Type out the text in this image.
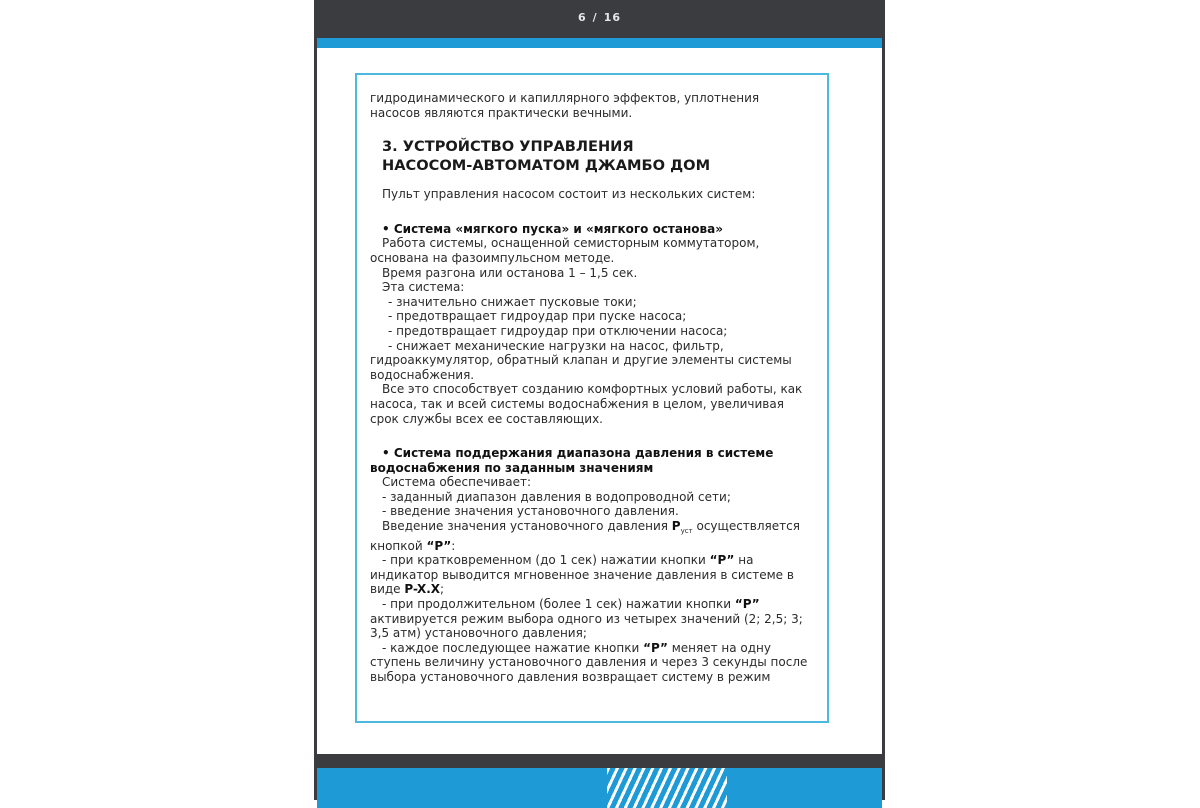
6 / 16

гидродинамического и капиллярного эффектов, уплотнения

насосов являются практически вечными.

3. УСТРОЙСТВО УПРАВЛЕНИЯ

НАСОСОМ-АВТОМАТОМ ДЖАМБО ДОМ

Пульт управления насосом состоит из нескольких систем:

• Система «мягкого пуска» и «мягкого останова»

Работа системы, оснащенной семисторным коммутатором,

основана на фазоимпульсном методе.

Время разгона или останова 1 – 1,5 сек.

Эта система:

- значительно снижает пусковые токи;

- предотвращает гидроудар при пуске насоса;

- предотвращает гидроудар при отключении насоса;

- снижает механические нагрузки на насос, фильтр,

гидроаккумулятор, обратный клапан и другие элементы системы

водоснабжения.

Все это способствует созданию комфортных условий работы, как

насоса, так и всей системы водоснабжения в целом, увеличивая

срок службы всех ее составляющих.

• Система поддержания диапазона давления в системе

водоснабжения по заданным значениям

Система обеспечивает:

- заданный диапазон давления в водопроводной сети;

- введение значения установочного давления.

Введение значения установочного давления $P_{уст}$ осуществляется

кнопкой “P”:

- при кратковременном (до 1 сек) нажатии кнопки “P” на

индикатор выводится мгновенное значение давления в системе в

виде P-X.X;

- при продолжительном (более 1 сек) нажатии кнопки “P”

активируется режим выбора одного из четырех значений (2; 2,5; 3;

3,5 атм) установочного давления;

- каждое последующее нажатие кнопки “P” меняет на одну

ступень величину установочного давления и через 3 секунды после

выбора установочного давления возвращает систему в режим
